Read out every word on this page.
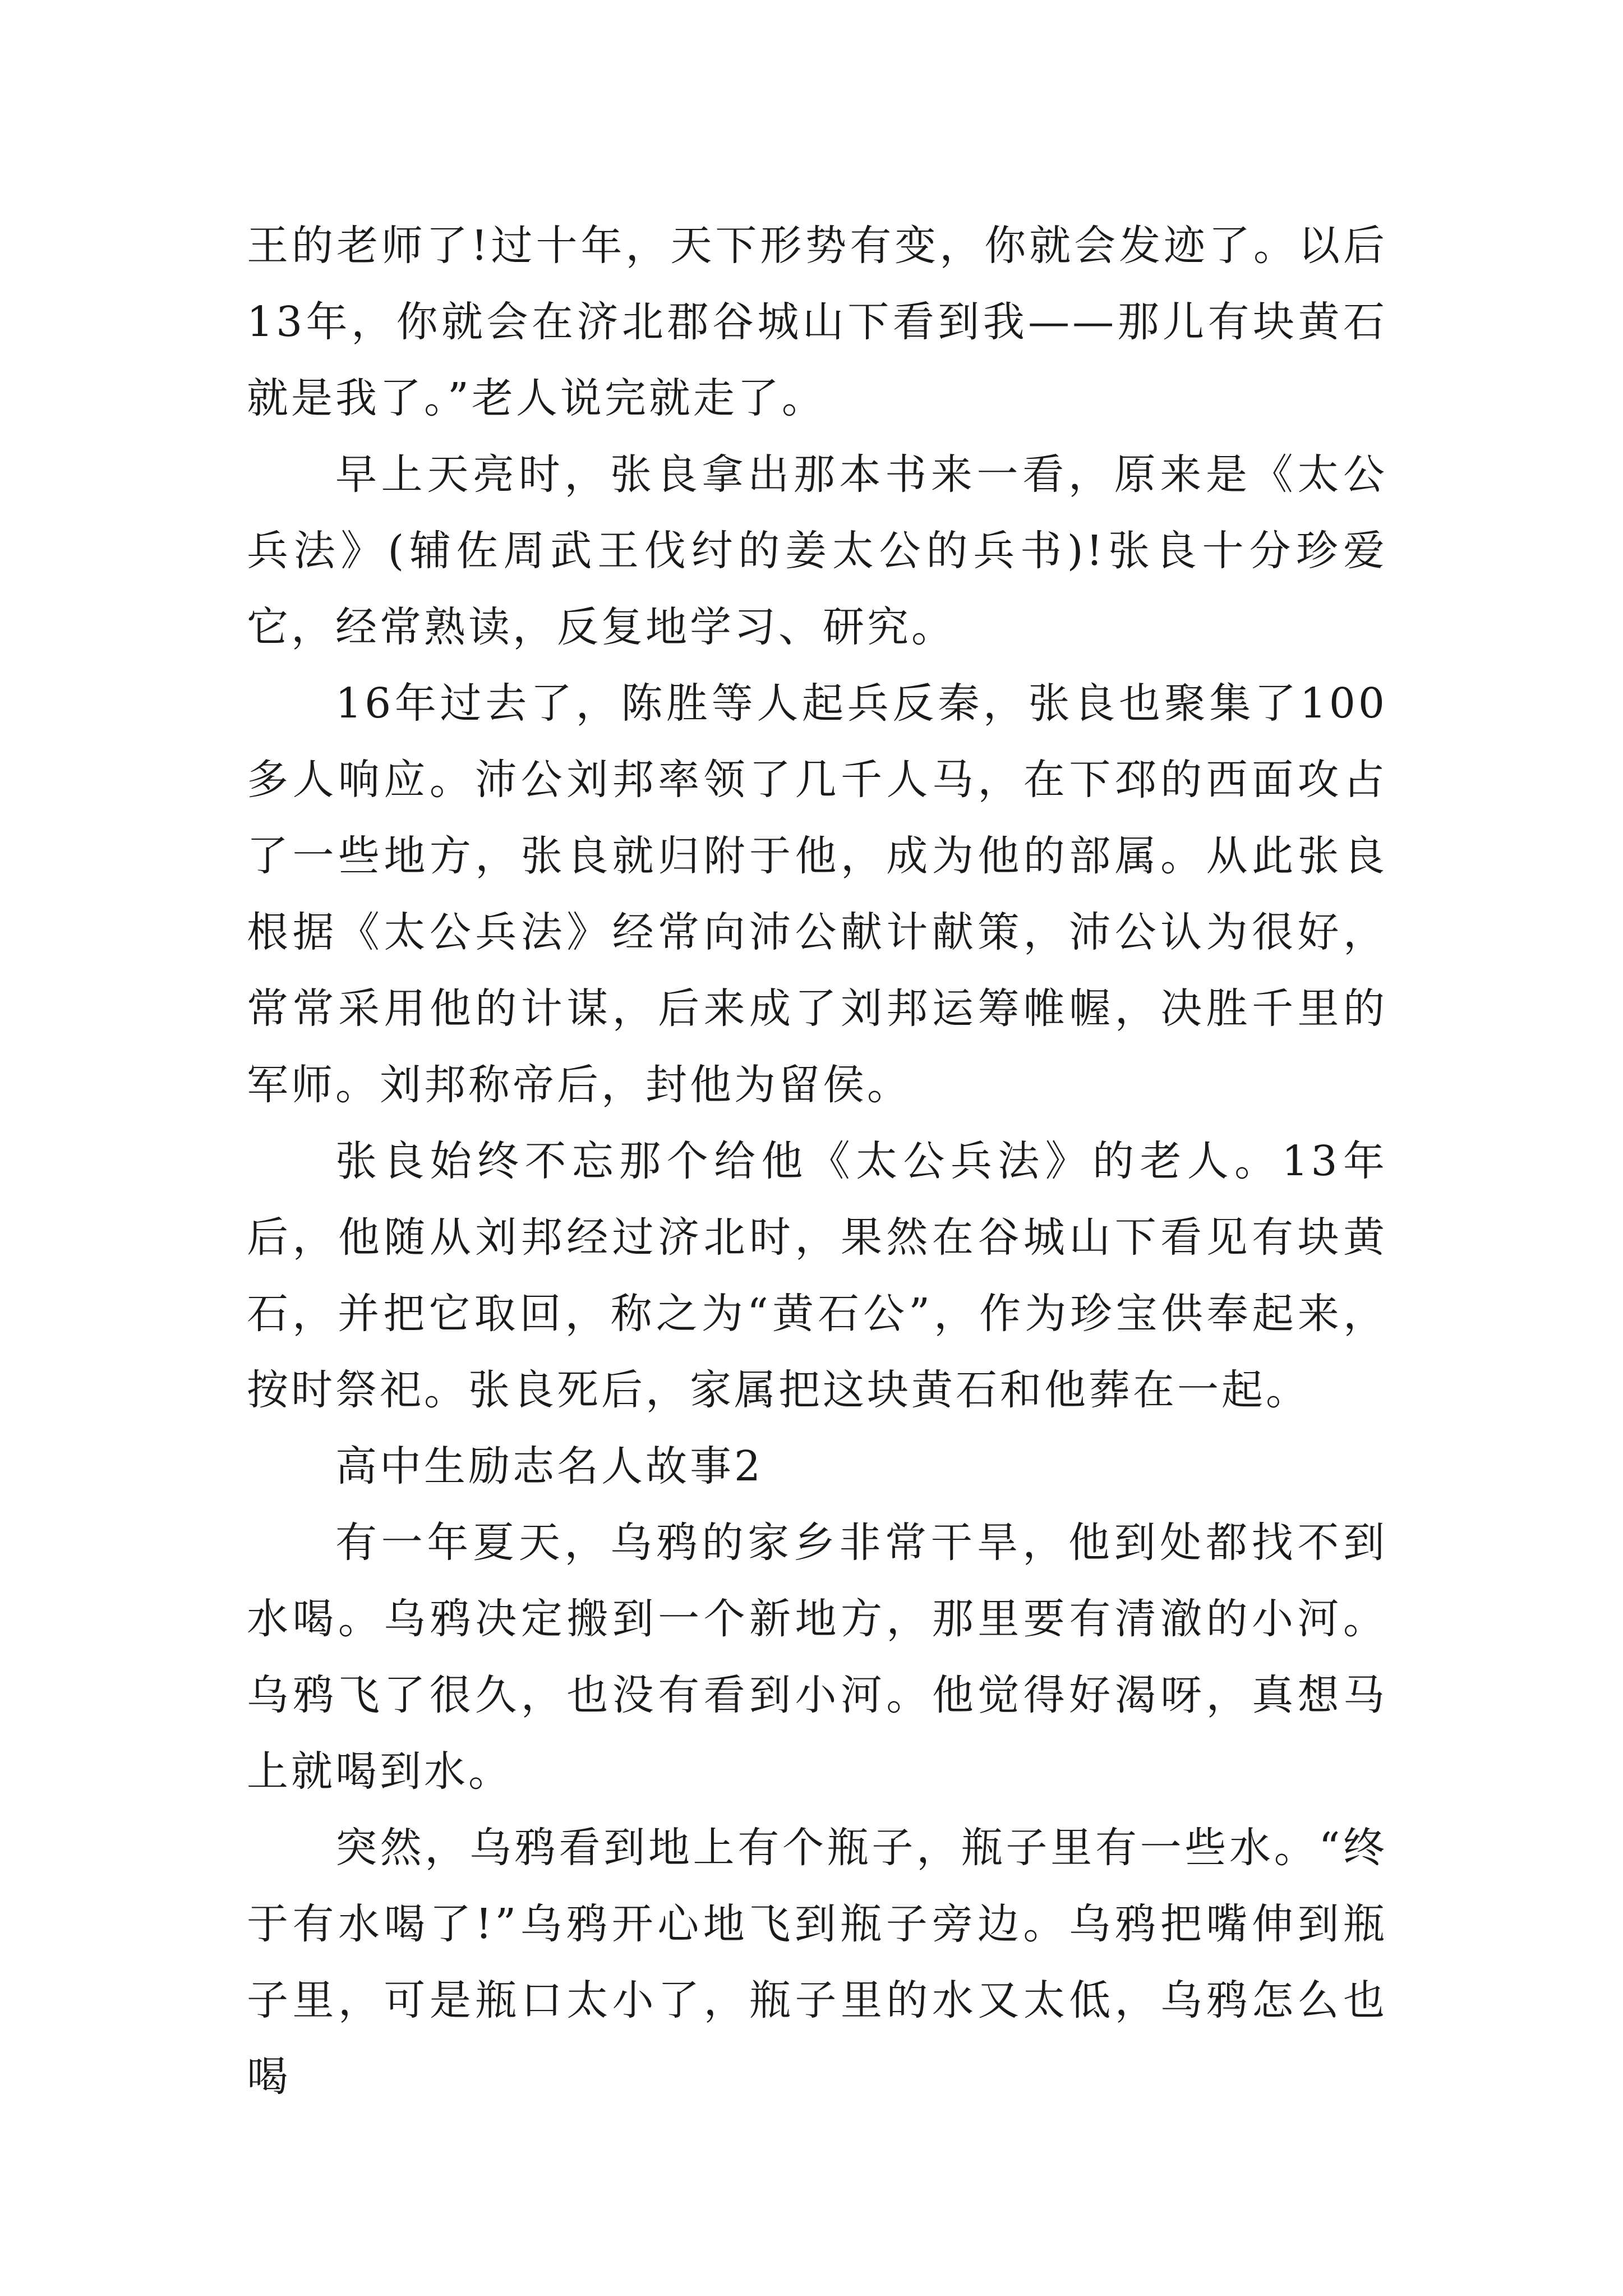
王的老师了!过十年，天下形势有变，你就会发迹了。以后13年，你就会在济北郡谷城山下看到我——那儿有块黄石就是我了。”老人说完就走了。

早上天亮时，张良拿出那本书来一看，原来是《太公兵法》(辅佐周武王伐纣的姜太公的兵书)!张良十分珍爱它，经常熟读，反复地学习、研究。

16年过去了，陈胜等人起兵反秦，张良也聚集了100多人响应。沛公刘邦率领了几千人马，在下邳的西面攻占了一些地方，张良就归附于他，成为他的部属。从此张良根据《太公兵法》经常向沛公献计献策，沛公认为很好，常常采用他的计谋，后来成了刘邦运筹帷幄，决胜千里的军师。刘邦称帝后，封他为留侯。

张良始终不忘那个给他《太公兵法》的老人。13年后，他随从刘邦经过济北时，果然在谷城山下看见有块黄石，并把它取回，称之为“黄石公”，作为珍宝供奉起来，按时祭祀。张良死后，家属把这块黄石和他葬在一起。

高中生励志名人故事2

有一年夏天，乌鸦的家乡非常干旱，他到处都找不到水喝。乌鸦决定搬到一个新地方，那里要有清澈的小河。乌鸦飞了很久，也没有看到小河。他觉得好渴呀，真想马上就喝到水。

突然，乌鸦看到地上有个瓶子，瓶子里有一些水。“终于有水喝了!”乌鸦开心地飞到瓶子旁边。乌鸦把嘴伸到瓶子里，可是瓶口太小了，瓶子里的水又太低，乌鸦怎么也喝
